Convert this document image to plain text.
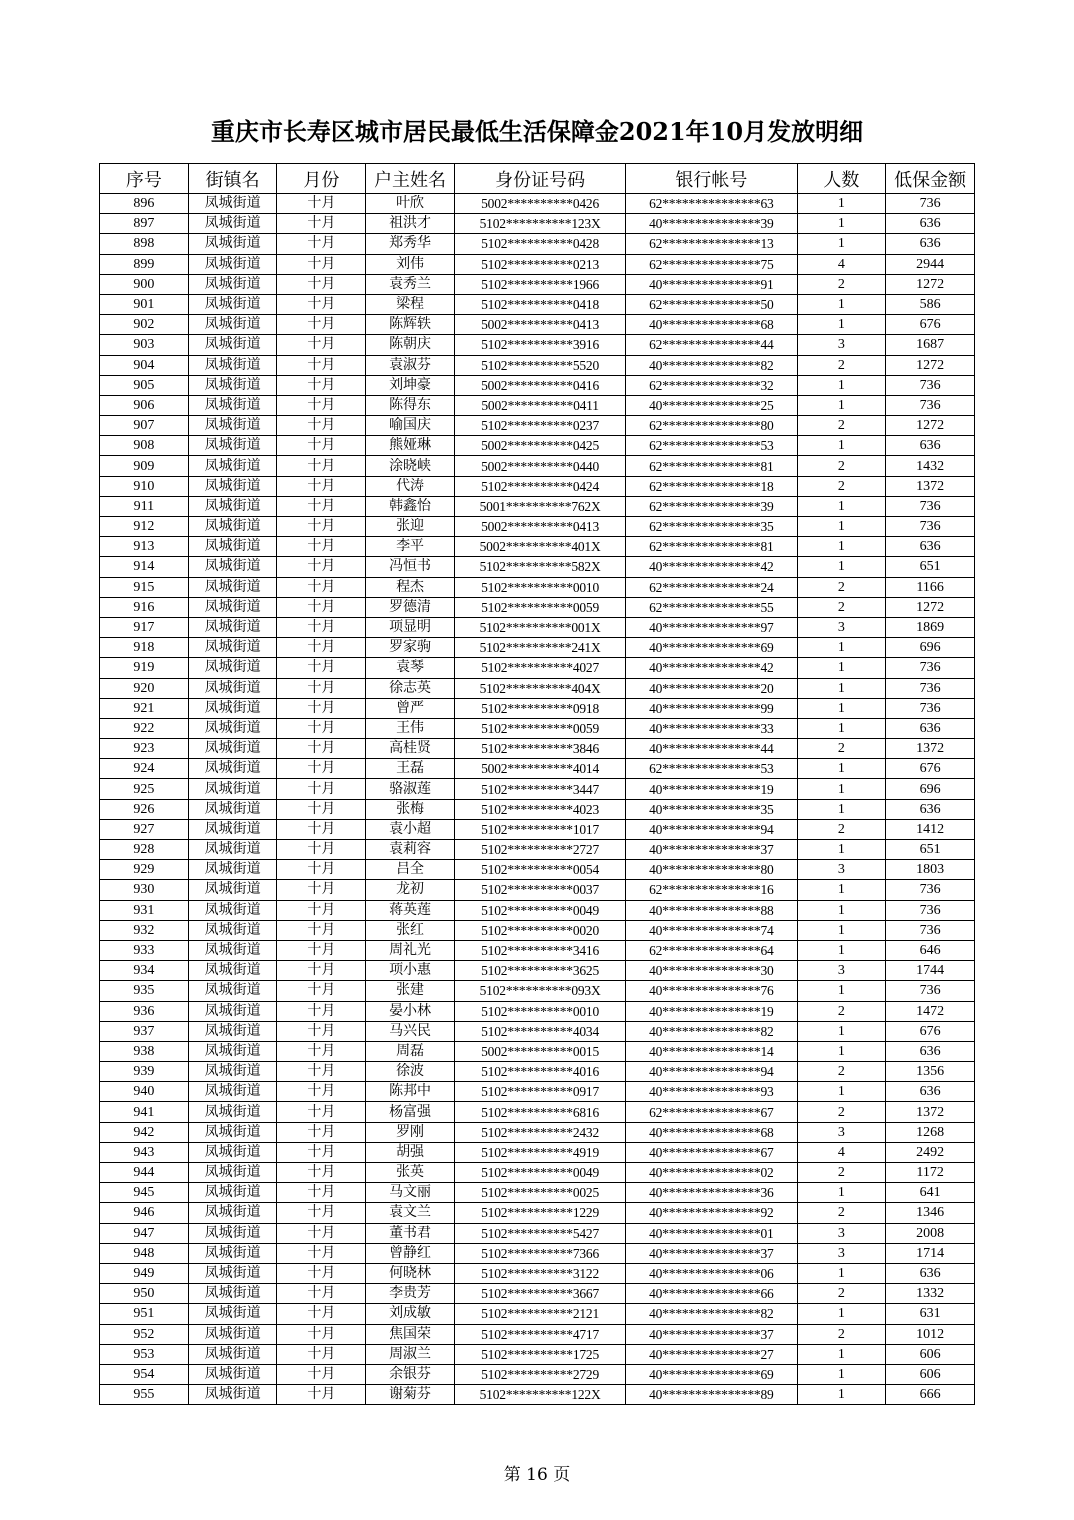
重庆市长寿区城市居民最低生活保障金2021年10月发放明细
序号	街镇名	月份	户主姓名	身份证号码	银行帐号	人数	低保金额
896	凤城街道	十月	叶欣	5002**********0426	62***************63	1	736
897	凤城街道	十月	祖洪才	5102**********123X	40***************39	1	636
898	凤城街道	十月	郑秀华	5102**********0428	62***************13	1	636
899	凤城街道	十月	刘伟	5102**********0213	62***************75	4	2944
900	凤城街道	十月	袁秀兰	5102**********1966	40***************91	2	1272
901	凤城街道	十月	梁程	5102**********0418	62***************50	1	586
902	凤城街道	十月	陈辉轶	5002**********0413	40***************68	1	676
903	凤城街道	十月	陈朝庆	5102**********3916	62***************44	3	1687
904	凤城街道	十月	袁淑芬	5102**********5520	40***************82	2	1272
905	凤城街道	十月	刘坤豪	5002**********0416	62***************32	1	736
906	凤城街道	十月	陈得东	5002**********0411	40***************25	1	736
907	凤城街道	十月	喻国庆	5102**********0237	62***************80	2	1272
908	凤城街道	十月	熊娅琳	5002**********0425	62***************53	1	636
909	凤城街道	十月	涂晓峡	5002**********0440	62***************81	2	1432
910	凤城街道	十月	代涛	5102**********0424	62***************18	2	1372
911	凤城街道	十月	韩鑫怡	5001**********762X	62***************39	1	736
912	凤城街道	十月	张迎	5002**********0413	62***************35	1	736
913	凤城街道	十月	李平	5002**********401X	62***************81	1	636
914	凤城街道	十月	冯恒书	5102**********582X	40***************42	1	651
915	凤城街道	十月	程杰	5102**********0010	62***************24	2	1166
916	凤城街道	十月	罗德清	5102**********0059	62***************55	2	1272
917	凤城街道	十月	项显明	5102**********001X	40***************97	3	1869
918	凤城街道	十月	罗家驹	5102**********241X	40***************69	1	696
919	凤城街道	十月	袁琴	5102**********4027	40***************42	1	736
920	凤城街道	十月	徐志英	5102**********404X	40***************20	1	736
921	凤城街道	十月	曾严	5102**********0918	40***************99	1	736
922	凤城街道	十月	王伟	5102**********0059	40***************33	1	636
923	凤城街道	十月	高桂贤	5102**********3846	40***************44	2	1372
924	凤城街道	十月	王磊	5002**********4014	62***************53	1	676
925	凤城街道	十月	骆淑莲	5102**********3447	40***************19	1	696
926	凤城街道	十月	张梅	5102**********4023	40***************35	1	636
927	凤城街道	十月	袁小超	5102**********1017	40***************94	2	1412
928	凤城街道	十月	袁莉容	5102**********2727	40***************37	1	651
929	凤城街道	十月	吕全	5102**********0054	40***************80	3	1803
930	凤城街道	十月	龙初	5102**********0037	62***************16	1	736
931	凤城街道	十月	蒋英莲	5102**********0049	40***************88	1	736
932	凤城街道	十月	张红	5102**********0020	40***************74	1	736
933	凤城街道	十月	周礼光	5102**********3416	62***************64	1	646
934	凤城街道	十月	项小惠	5102**********3625	40***************30	3	1744
935	凤城街道	十月	张建	5102**********093X	40***************76	1	736
936	凤城街道	十月	晏小林	5102**********0010	40***************19	2	1472
937	凤城街道	十月	马兴民	5102**********4034	40***************82	1	676
938	凤城街道	十月	周磊	5002**********0015	40***************14	1	636
939	凤城街道	十月	徐波	5102**********4016	40***************94	2	1356
940	凤城街道	十月	陈邦中	5102**********0917	40***************93	1	636
941	凤城街道	十月	杨富强	5102**********6816	62***************67	2	1372
942	凤城街道	十月	罗刚	5102**********2432	40***************68	3	1268
943	凤城街道	十月	胡强	5102**********4919	40***************67	4	2492
944	凤城街道	十月	张英	5102**********0049	40***************02	2	1172
945	凤城街道	十月	马文丽	5102**********0025	40***************36	1	641
946	凤城街道	十月	袁文兰	5102**********1229	40***************92	2	1346
947	凤城街道	十月	董书君	5102**********5427	40***************01	3	2008
948	凤城街道	十月	曾静红	5102**********7366	40***************37	3	1714
949	凤城街道	十月	何晓林	5102**********3122	40***************06	1	636
950	凤城街道	十月	李贵芳	5102**********3667	40***************66	2	1332
951	凤城街道	十月	刘成敏	5102**********2121	40***************82	1	631
952	凤城街道	十月	焦国荣	5102**********4717	40***************37	2	1012
953	凤城街道	十月	周淑兰	5102**********1725	40***************27	1	606
954	凤城街道	十月	余银芬	5102**********2729	40***************69	1	606
955	凤城街道	十月	谢菊芬	5102**********122X	40***************89	1	666
第 16 页
